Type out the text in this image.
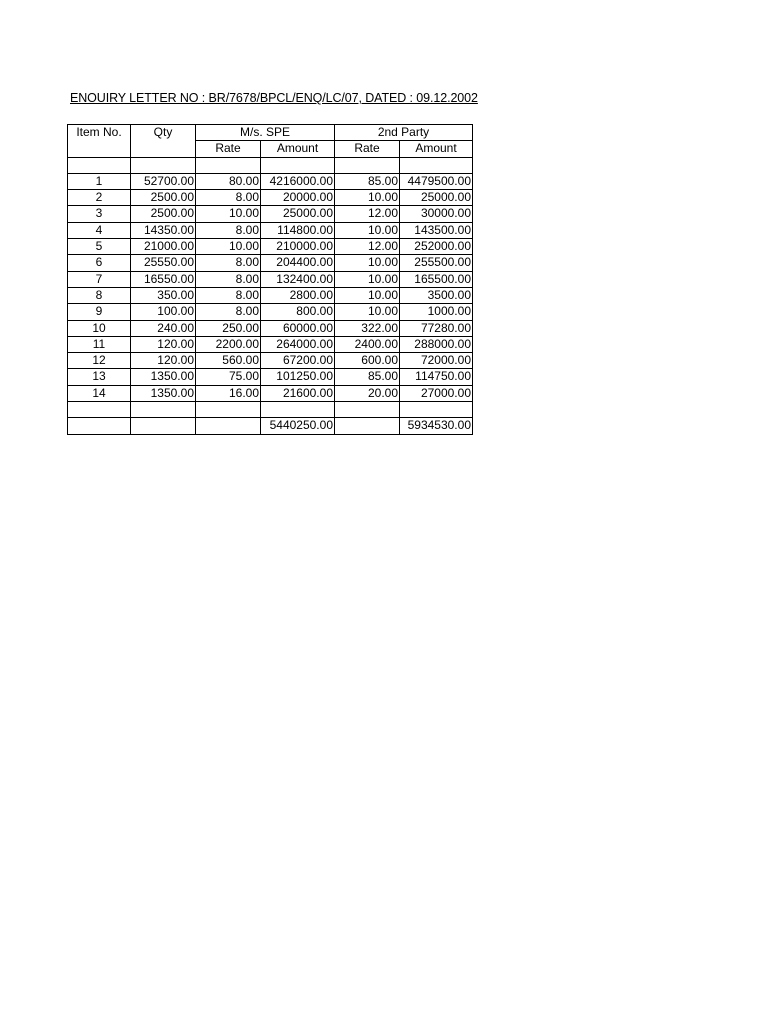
ENOUIRY LETTER NO : BR/7678/BPCL/ENQ/LC/07, DATED : 09.12.2002
Item No.	Qty	M/s. SPE		2nd Party	
		Rate	Amount	Rate	Amount

1	52700.00	80.00	4216000.00	85.00	4479500.00
2	2500.00	8.00	20000.00	10.00	25000.00
3	2500.00	10.00	25000.00	12.00	30000.00
4	14350.00	8.00	114800.00	10.00	143500.00
5	21000.00	10.00	210000.00	12.00	252000.00
6	25550.00	8.00	204400.00	10.00	255500.00
7	16550.00	8.00	132400.00	10.00	165500.00
8	350.00	8.00	2800.00	10.00	3500.00
9	100.00	8.00	800.00	10.00	1000.00
10	240.00	250.00	60000.00	322.00	77280.00
11	120.00	2200.00	264000.00	2400.00	288000.00
12	120.00	560.00	67200.00	600.00	72000.00
13	1350.00	75.00	101250.00	85.00	114750.00
14	1350.00	16.00	21600.00	20.00	27000.00

			5440250.00		5934530.00
